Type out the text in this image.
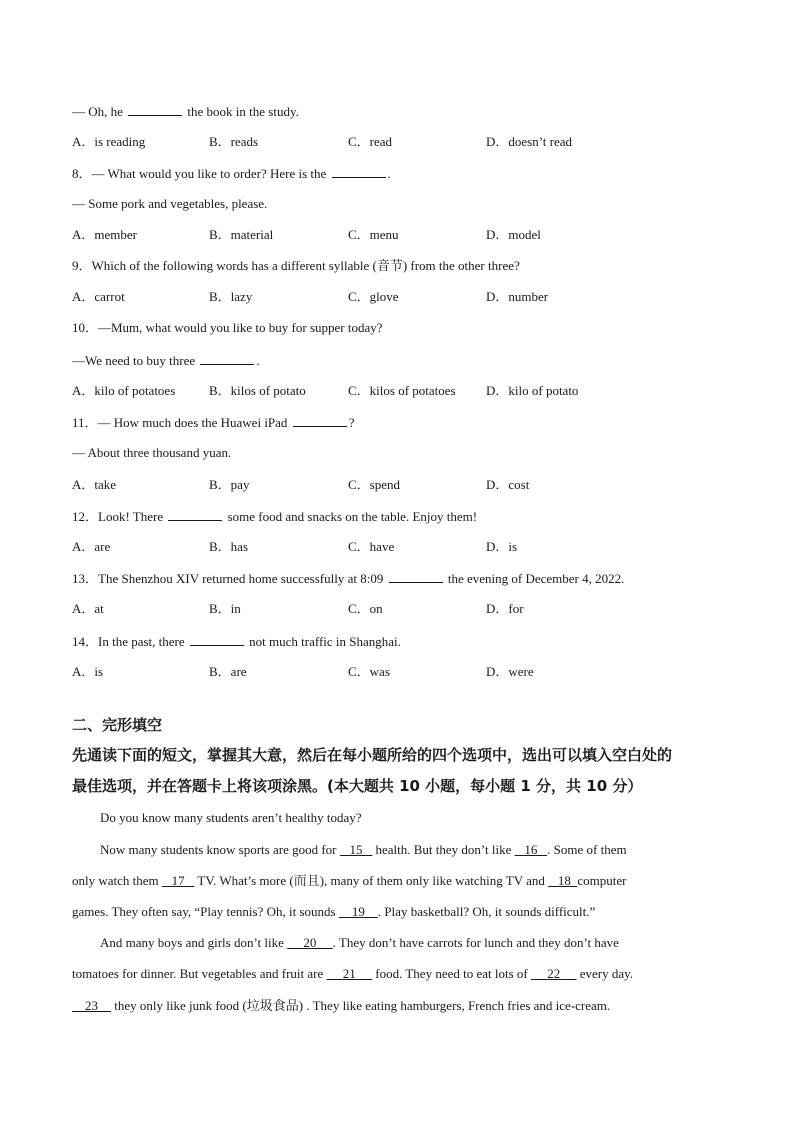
— Oh, he	the book in the study.
A．is reading	B．reads	C．read	D．doesn’t read
8．— What would you like to order? Here is the	.
— Some pork and vegetables, please.
A．member	B．material	C．menu	D．model
9．Which of the following words has a different syllable (音节) from the other three?
A．carrot	B．lazy	C．glove	D．number
10．—Mum, what would you like to buy for supper today?
—We need to buy three	.
A．kilo of potatoes	B．kilos of potato	C．kilos of potatoes D．kilo of potato
11．— How much does the Huawei iPad	?
— About three thousand yuan.
A．take	B．pay	C．spend	D．cost
12．Look! There	some food and snacks on the table. Enjoy them!
A．are	B．has	C．have	D．is
13．The Shenzhou XIV returned home successfully at 8:09	the evening of December 4, 2022.
A．at	B．in	C．on	D．for
14．In the past, there	not much traffic in Shanghai.
A．is	B．are	C．was	D．were
二、完形填空
先通读下面的短文，掌握其大意，然后在每小题所给的四个选项中，选出可以填入空白处的
最佳选项，并在答题卡上将该项涂黑。(本大题共 10 小题，每小题 1 分，共 10 分）
Do you know many students aren’t healthy today?
Now many students know sports are good for    15    health. But they don’t like    16 . Some of them
only watch them    17    TV. What’s more (而且), many of them only like watching TV and    18 computer
games. They often say, “Play tennis? Oh, it sounds     19 . Play basketball? Oh, it sounds difficult.”
And many boys and girls don’t like      20 . They don’t have carrots for lunch and they don’t have
tomatoes for dinner. But vegetables and fruit are      21      food. They need to eat lots of      22      every day.
23     they only like junk food (垃圾食品) . They like eating hamburgers, French fries and ice-cream.
